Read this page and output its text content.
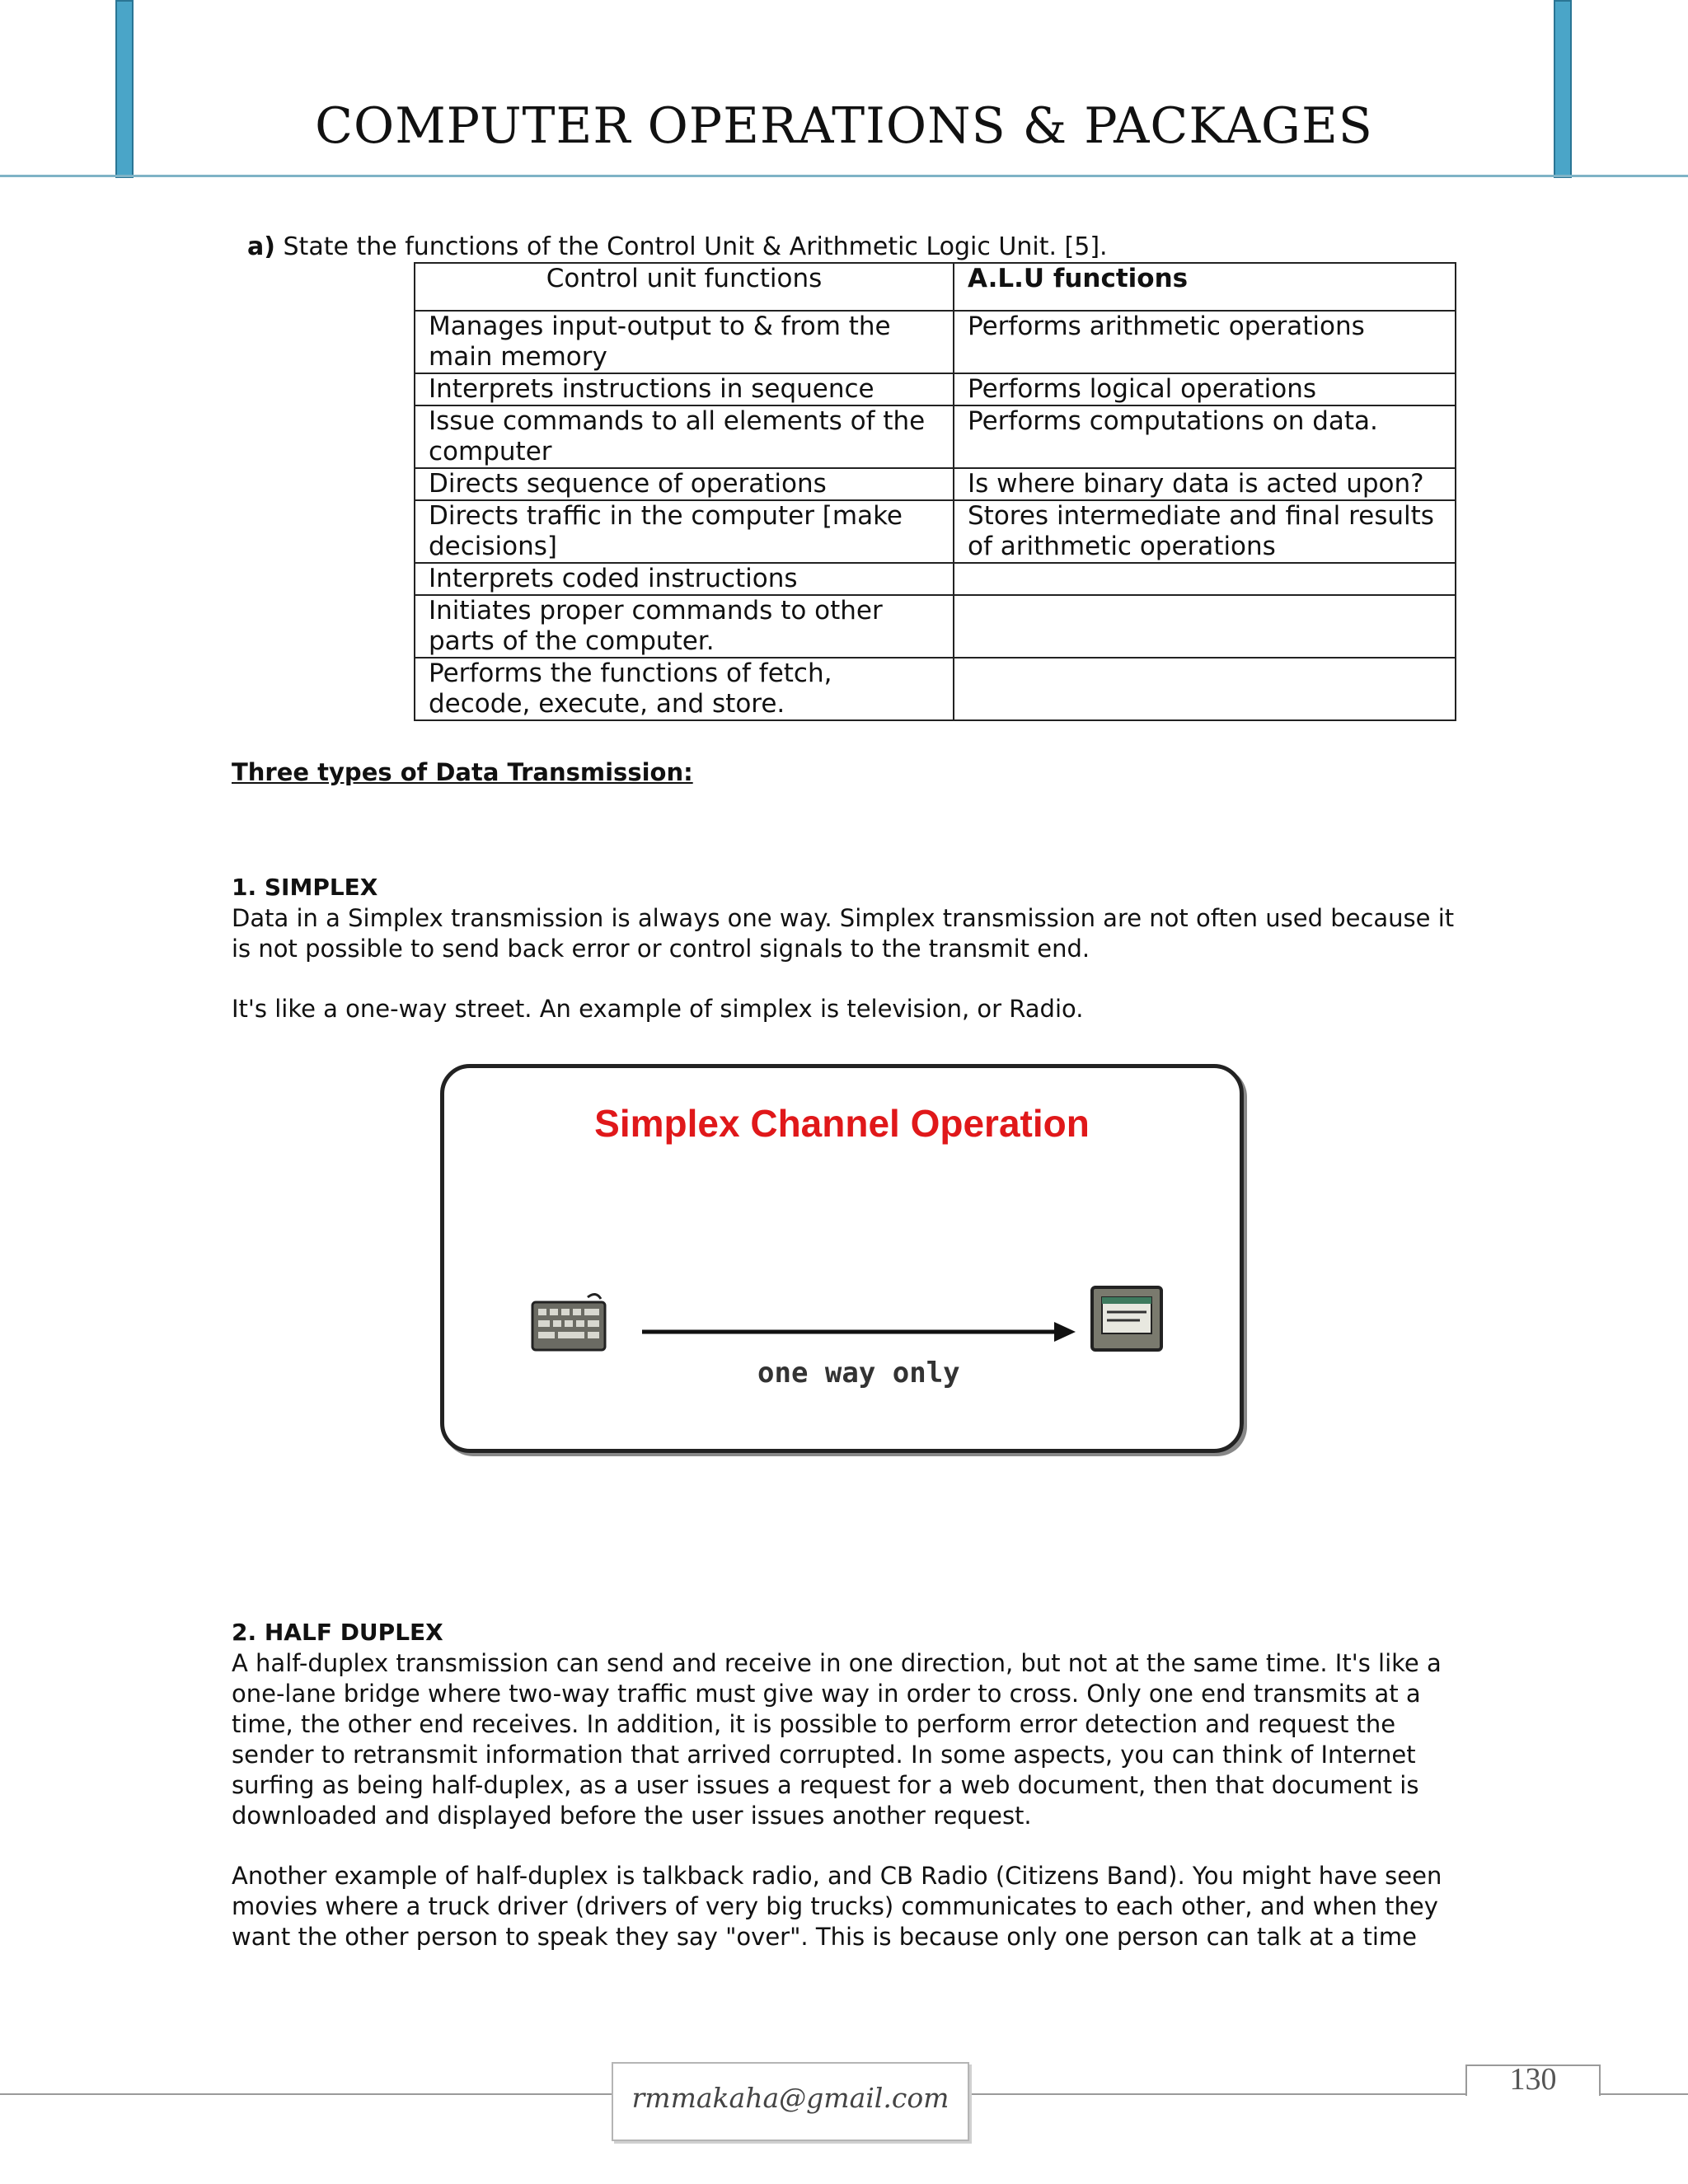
COMPUTER OPERATIONS & PACKAGES
a) State the functions of the Control Unit & Arithmetic Logic Unit. [5].
Control unit functions	A.L.U functions
Manages input-output to & from the main memory	Performs arithmetic operations
Interprets instructions in sequence	Performs logical operations
Issue commands to all elements of the computer	Performs computations on data.
Directs sequence of operations	Is where binary data is acted upon?
Directs traffic in the computer [make decisions]	Stores intermediate and final results of arithmetic operations
Interprets coded instructions	
Initiates proper commands to other parts of the computer.	
Performs the functions of fetch, decode, execute, and store.	
Three types of Data Transmission:
1. SIMPLEX
Data in a Simplex transmission is always one way. Simplex transmission are not often used because it is not possible to send back error or control signals to the transmit end.
It's like a one-way street. An example of simplex is television, or Radio.
Simplex Channel Operation
one way only
2. HALF DUPLEX
A half-duplex transmission can send and receive in one direction, but not at the same time. It's like a one-lane bridge where two-way traffic must give way in order to cross. Only one end transmits at a time, the other end receives. In addition, it is possible to perform error detection and request the sender to retransmit information that arrived corrupted. In some aspects, you can think of Internet surfing as being half-duplex, as a user issues a request for a web document, then that document is downloaded and displayed before the user issues another request.
Another example of half-duplex is talkback radio, and CB Radio (Citizens Band). You might have seen movies where a truck driver (drivers of very big trucks) communicates to each other, and when they want the other person to speak they say "over". This is because only one person can talk at a time
rmmakaha@gmail.com
130
